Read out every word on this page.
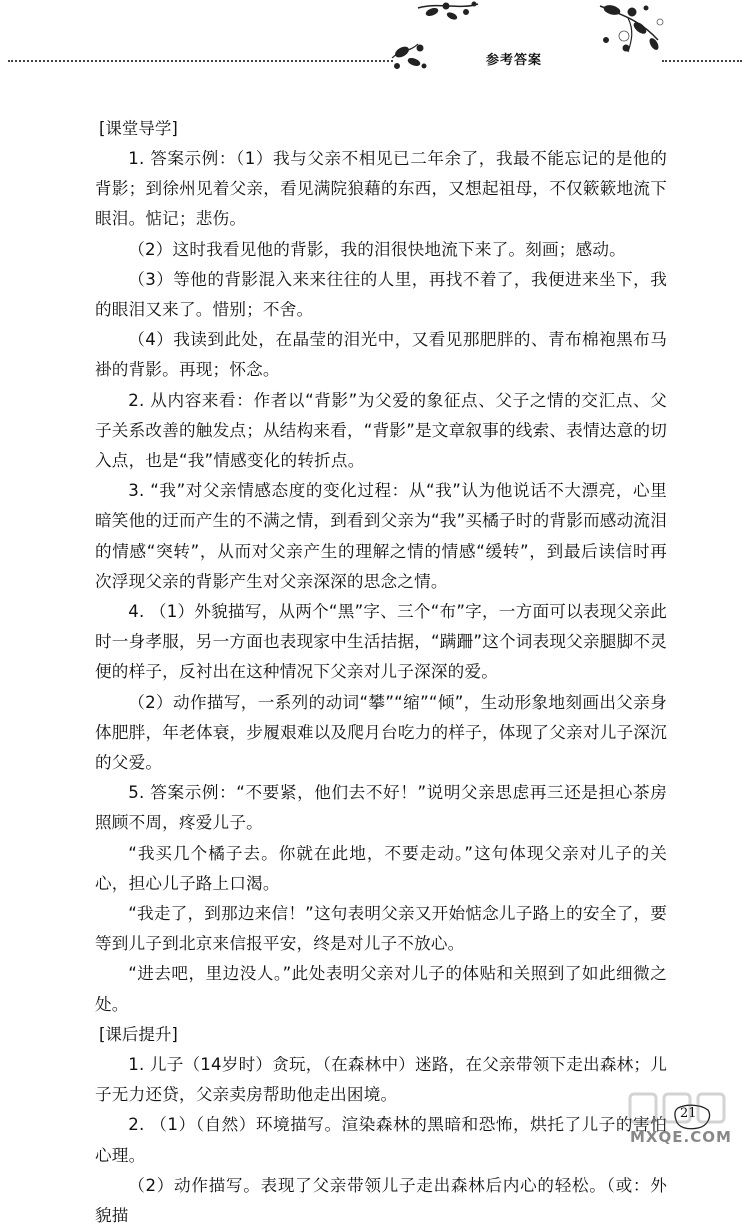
参考答案
[课堂导学]

1. 答案示例：（1）我与父亲不相见已二年余了，我最不能忘记的是他的背影；到徐州见着父亲，看见满院狼藉的东西，又想起祖母，不仅簌簌地流下眼泪。惦记；悲伤。

（2）这时我看见他的背影，我的泪很快地流下来了。刻画；感动。

（3）等他的背影混入来来往往的人里，再找不着了，我便进来坐下，我的眼泪又来了。惜别；不舍。

（4）我读到此处，在晶莹的泪光中，又看见那肥胖的、青布棉袍黑布马褂的背影。再现；怀念。

2. 从内容来看：作者以“背影”为父爱的象征点、父子之情的交汇点、父子关系改善的触发点；从结构来看，“背影”是文章叙事的线索、表情达意的切入点，也是“我”情感变化的转折点。

3. “我”对父亲情感态度的变化过程：从“我”认为他说话不大漂亮，心里暗笑他的迂而产生的不满之情，到看到父亲为“我”买橘子时的背影而感动流泪的情感“突转”，从而对父亲产生的理解之情的情感“缓转”，到最后读信时再次浮现父亲的背影产生对父亲深深的思念之情。

4. （1）外貌描写，从两个“黑”字、三个“布”字，一方面可以表现父亲此时一身孝服，另一方面也表现家中生活拮据，“蹒跚”这个词表现父亲腿脚不灵便的样子，反衬出在这种情况下父亲对儿子深深的爱。

（2）动作描写，一系列的动词“攀”“缩”“倾”，生动形象地刻画出父亲身体肥胖，年老体衰，步履艰难以及爬月台吃力的样子，体现了父亲对儿子深沉的父爱。

5. 答案示例：“不要紧，他们去不好！”说明父亲思虑再三还是担心茶房照顾不周，疼爱儿子。

“我买几个橘子去。你就在此地，不要走动。”这句体现父亲对儿子的关心，担心儿子路上口渴。

“我走了，到那边来信！”这句表明父亲又开始惦念儿子路上的安全了，要等到儿子到北京来信报平安，终是对儿子不放心。

“进去吧，里边没人。”此处表明父亲对儿子的体贴和关照到了如此细微之处。

[课后提升]

1. 儿子（14岁时）贪玩，（在森林中）迷路，在父亲带领下走出森林；儿子无力还贷，父亲卖房帮助他走出困境。

2. （1）（自然）环境描写。渲染森林的黑暗和恐怖，烘托了儿子的害怕心理。

（2）动作描写。表现了父亲带领儿子走出森林后内心的轻松。（或：外貌描

21
MXQE.COM
